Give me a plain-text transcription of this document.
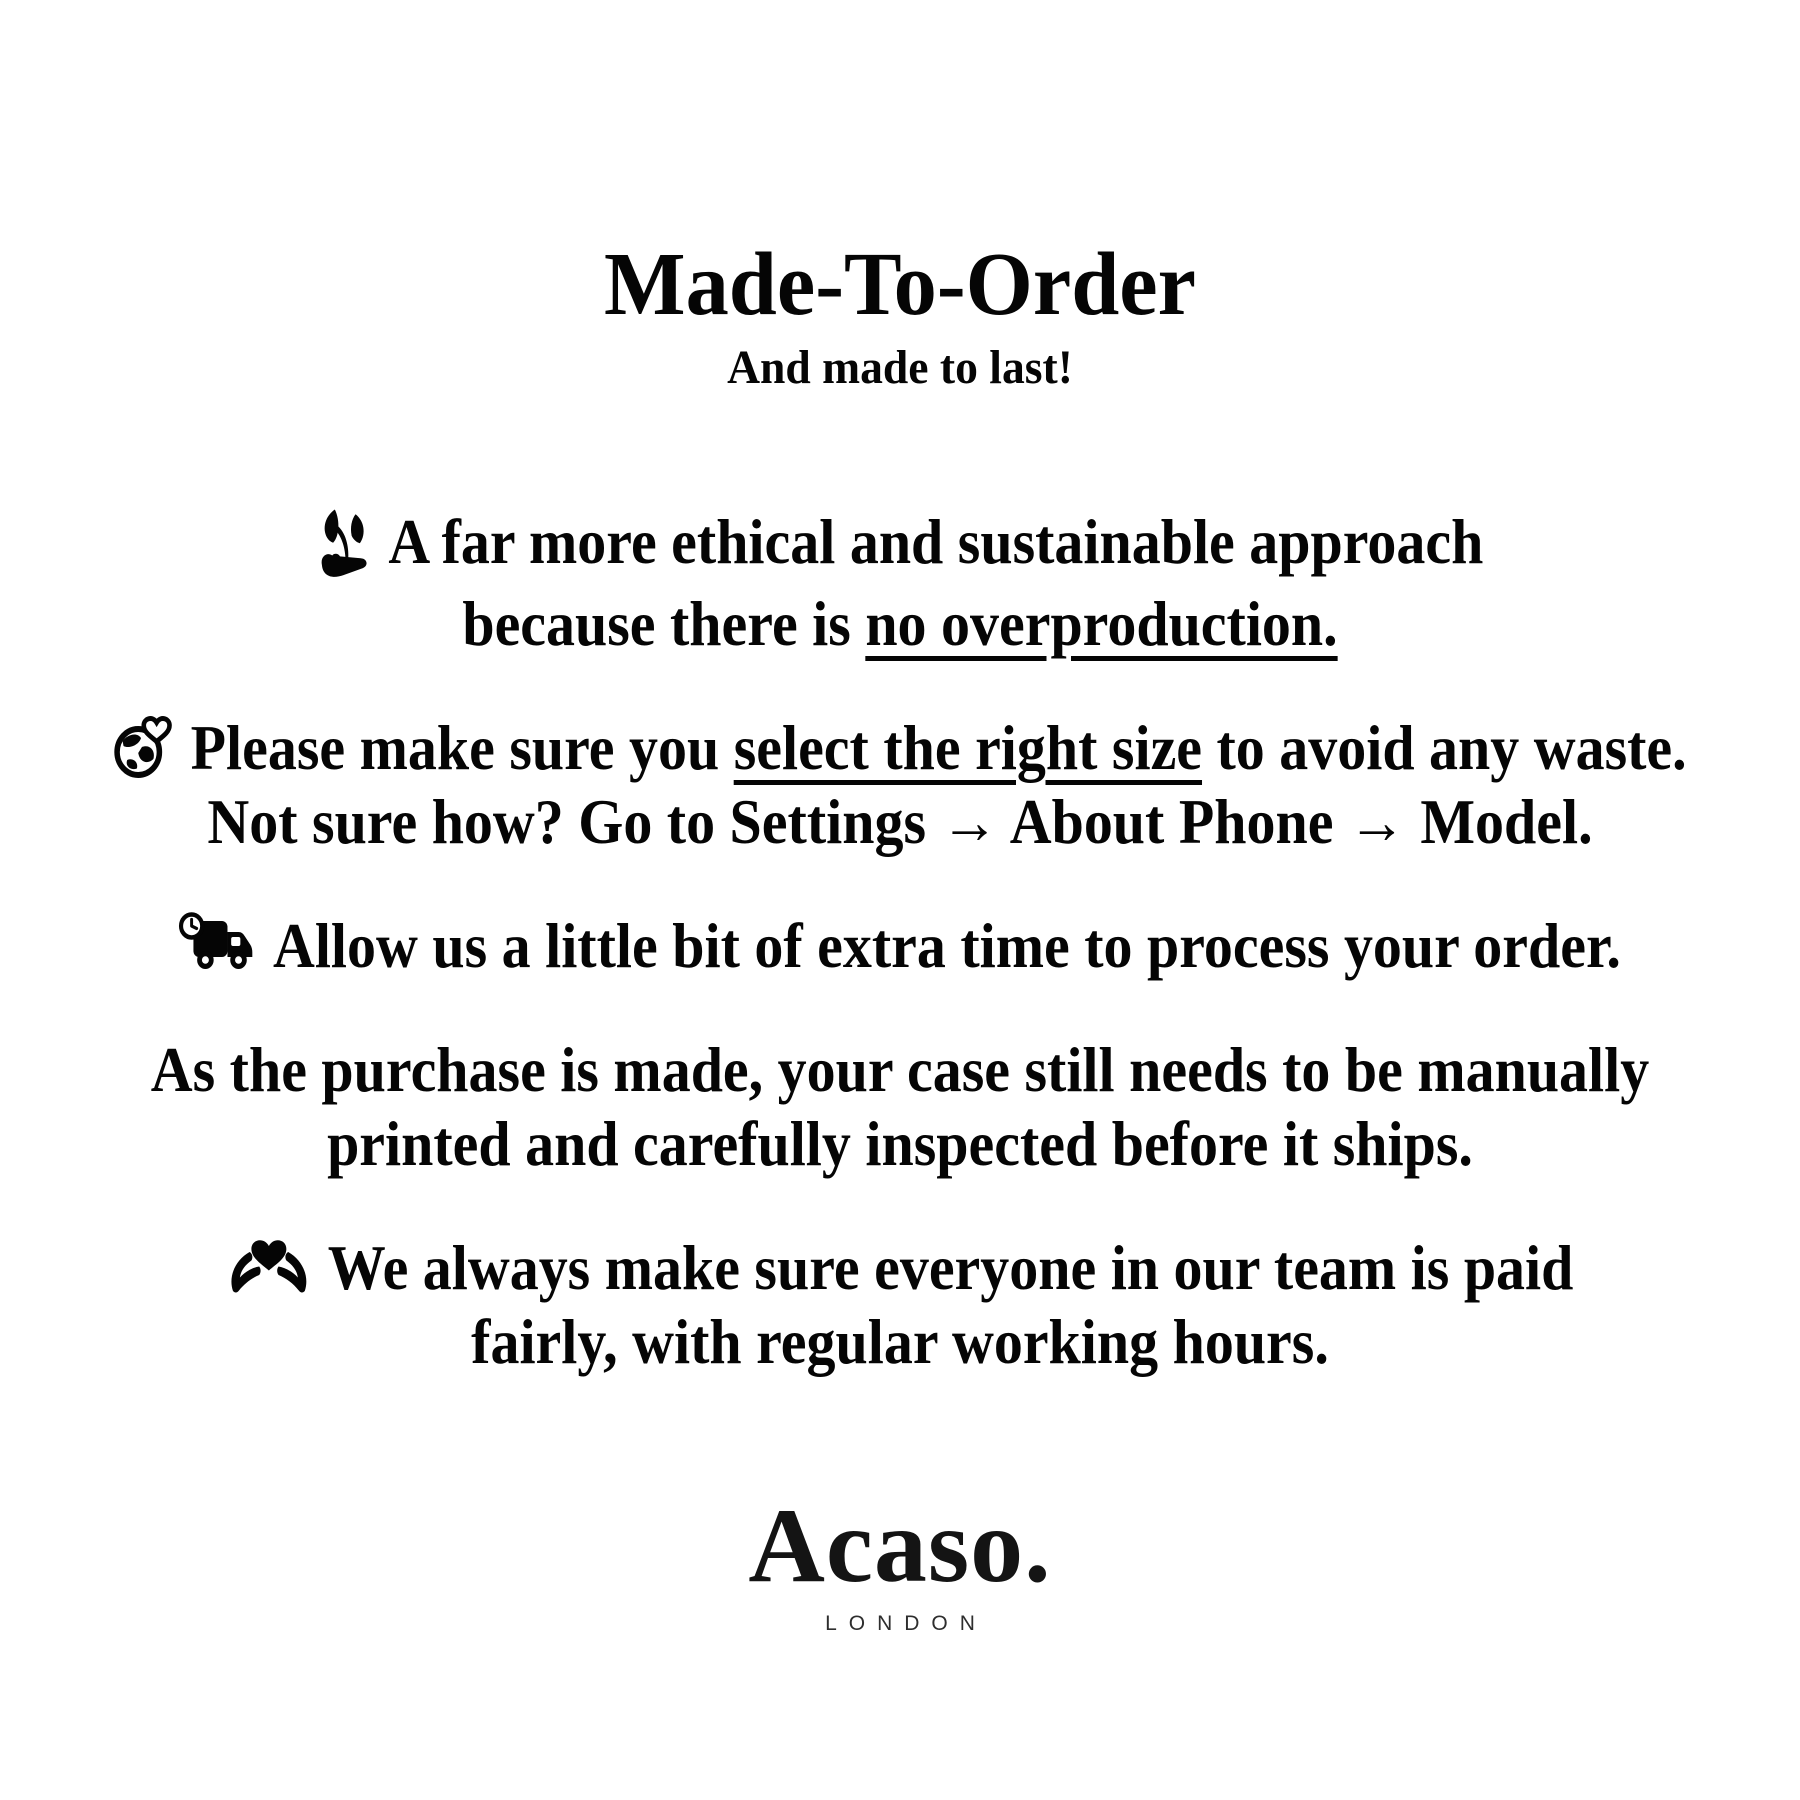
Made-To-Order
And made to last!

A far more ethical and sustainable approach
because there is no overproduction.

Please make sure you select the right size to avoid any waste.
Not sure how? Go to Settings → About Phone → Model.

Allow us a little bit of extra time to process your order.

As the purchase is made, your case still needs to be manually
printed and carefully inspected before it ships.

We always make sure everyone in our team is paid
fairly, with regular working hours.

Acaso.
LONDON
